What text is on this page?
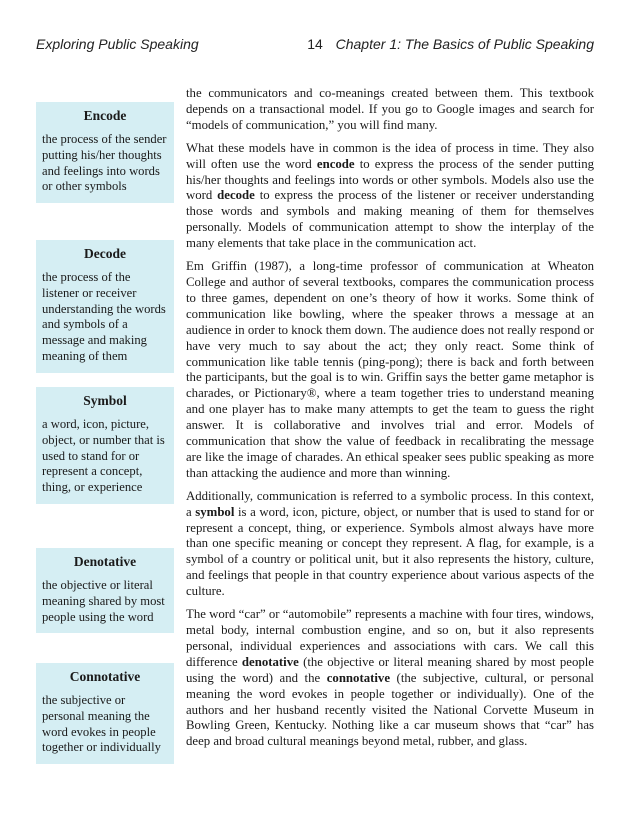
Exploring Public Speaking	14 Chapter 1: The Basics of Public Speaking

Encode

the process of the sender putting his/her thoughts and feelings into words or other symbols

Decode

the process of the listener or receiver understanding the words and symbols of a message and making meaning of them

Symbol

a word, icon, picture, object, or number that is used to stand for or represent a concept, thing, or experience

Denotative

the objective or literal meaning shared by most people using the word

Connotative

the subjective or personal meaning the word evokes in people together or individually

the communicators and co-meanings created between them. This textbook depends on a transactional model. If you go to Google images and search for “models of communication,” you will find many.

What these models have in common is the idea of process in time. They also will often use the word encode to express the process of the sender putting his/her thoughts and feelings into words or other symbols. Models also use the word decode to express the process of the listener or receiver understanding those words and symbols and making meaning of them for themselves personally. Models of communication attempt to show the interplay of the many elements that take place in the communication act.

Em Griffin (1987), a long-time professor of communication at Wheaton College and author of several textbooks, compares the communication process to three games, dependent on one’s theory of how it works. Some think of communication like bowling, where the speaker throws a message at an audience in order to knock them down. The audience does not really respond or have very much to say about the act; they only react. Some think of communication like table tennis (ping-pong); there is back and forth between the participants, but the goal is to win. Griffin says the better game metaphor is charades, or Pictionary®, where a team together tries to understand meaning and one player has to make many attempts to get the team to guess the right answer. It is collaborative and involves trial and error. Models of communication that show the value of feedback in recalibrating the message are like the image of charades. An ethical speaker sees public speaking as more than attacking the audience and more than winning.

Additionally, communication is referred to a symbolic process. In this context, a symbol is a word, icon, picture, object, or number that is used to stand for or represent a concept, thing, or experience. Symbols almost always have more than one specific meaning or concept they represent. A flag, for example, is a symbol of a country or political unit, but it also represents the history, culture, and feelings that people in that country experience about various aspects of the culture.

The word “car” or “automobile” represents a machine with four tires, windows, metal body, internal combustion engine, and so on, but it also represents personal, individual experiences and associations with cars. We call this difference denotative (the objective or literal meaning shared by most people using the word) and the connotative (the subjective, cultural, or personal meaning the word evokes in people together or individually). One of the authors and her husband recently visited the National Corvette Museum in Bowling Green, Kentucky. Nothing like a car museum shows that “car” has deep and broad cultural meanings beyond metal, rubber, and glass.
